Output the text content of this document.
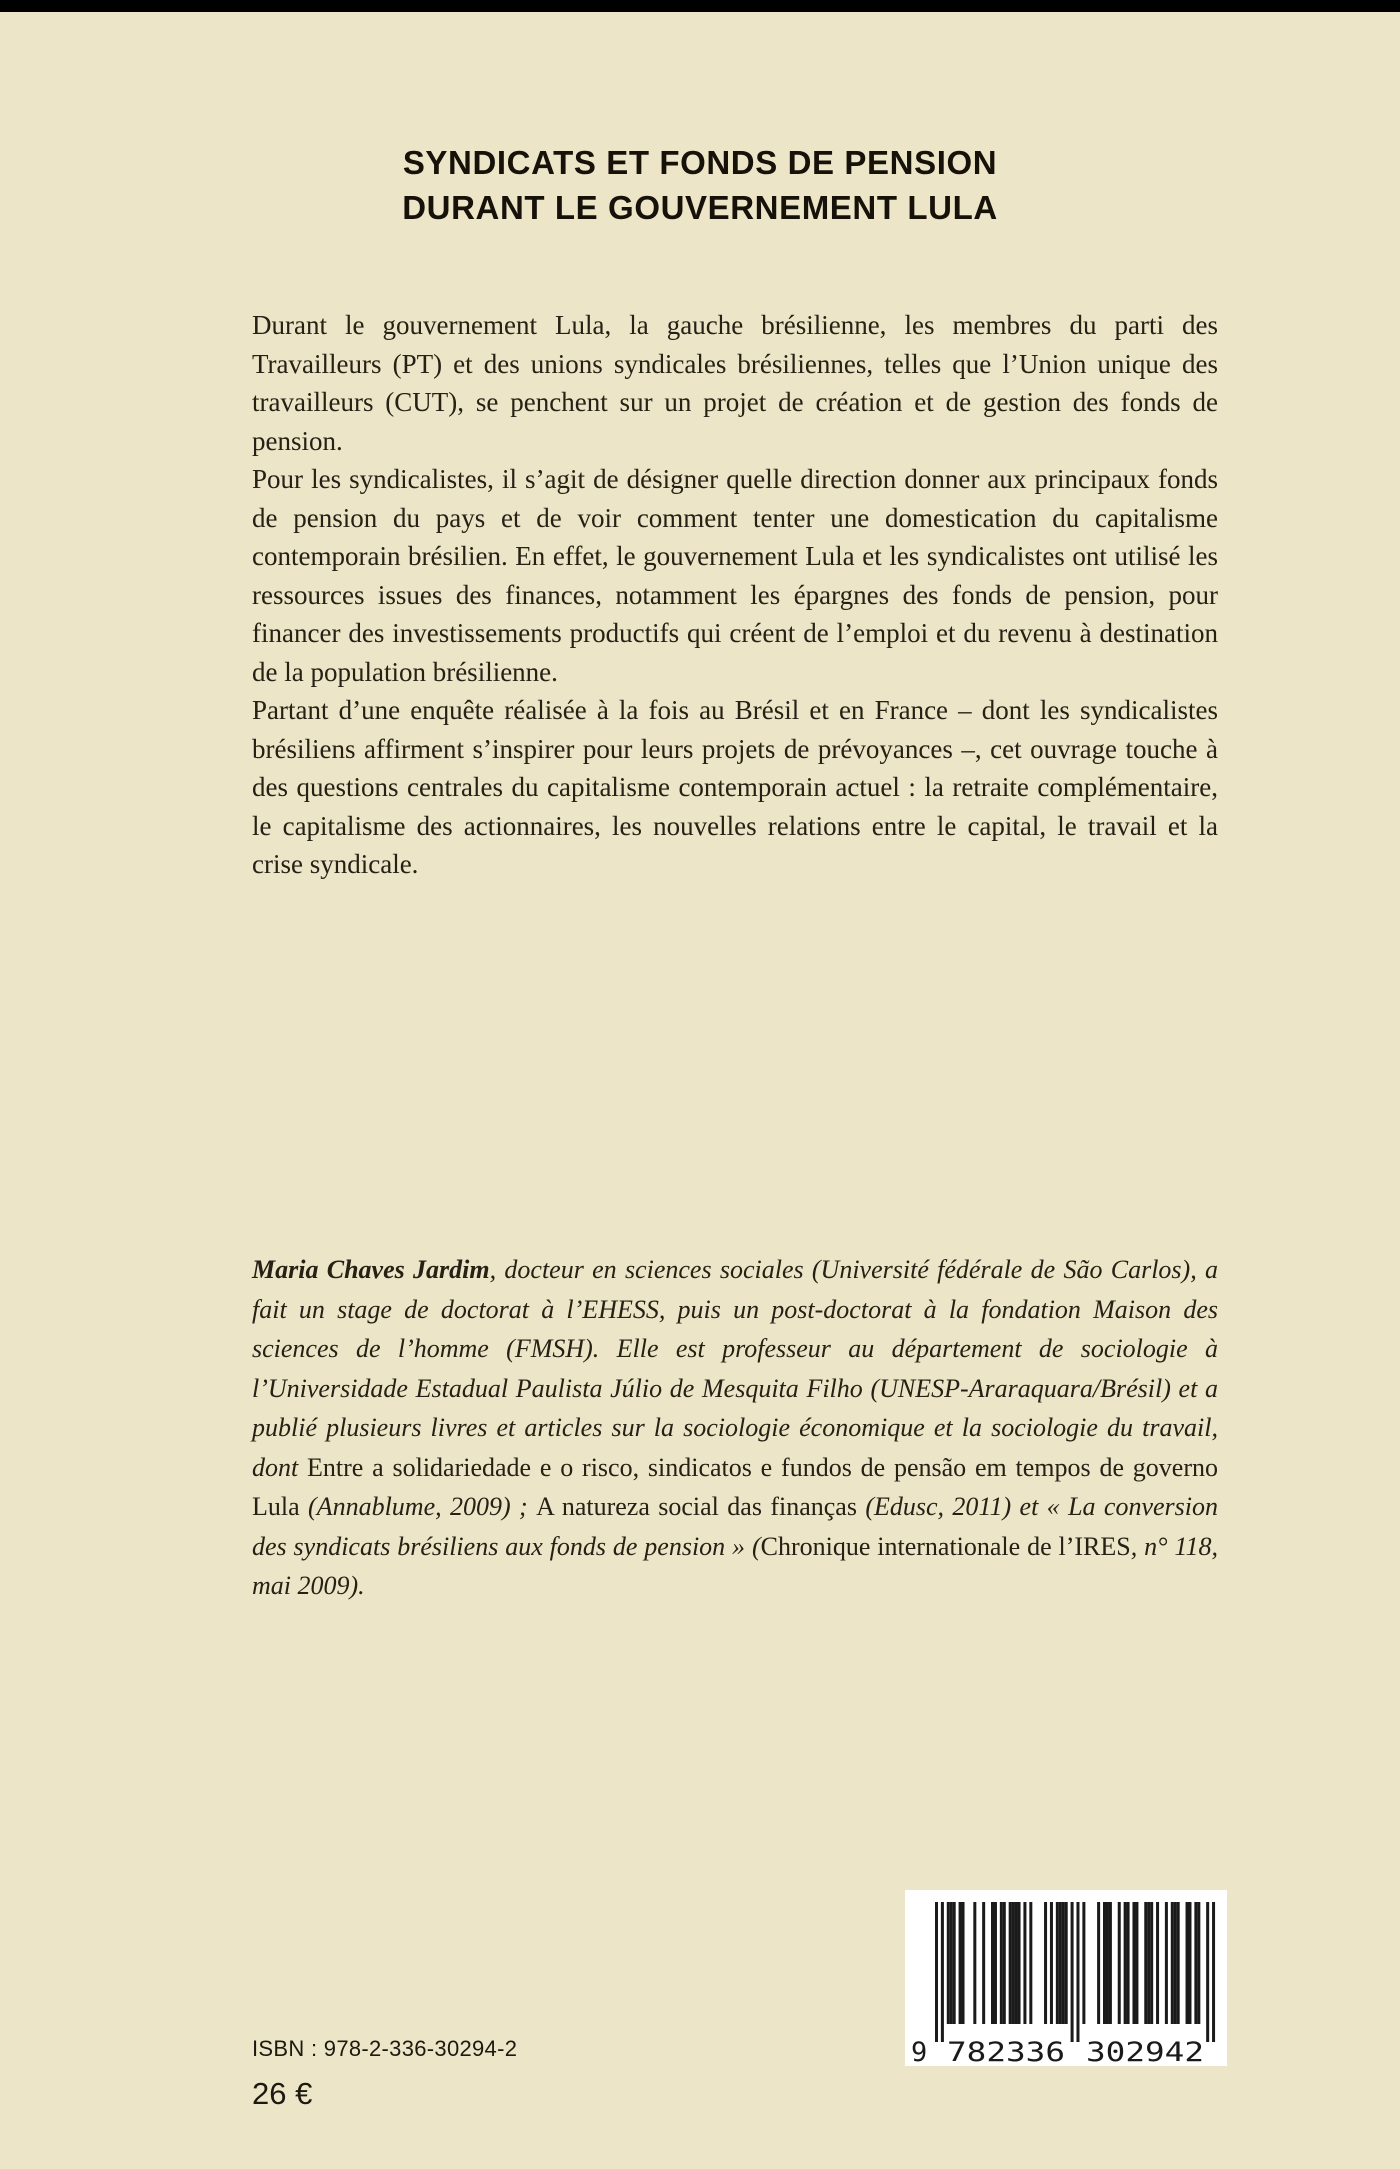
SYNDICATS ET FONDS DE PENSION
DURANT LE GOUVERNEMENT LULA

Durant le gouvernement Lula, la gauche brésilienne, les membres du parti des Travailleurs (PT) et des unions syndicales brésiliennes, telles que l’Union unique des travailleurs (CUT), se penchent sur un projet de création et de gestion des fonds de pension.

Pour les syndicalistes, il s’agit de désigner quelle direction donner aux principaux fonds de pension du pays et de voir comment tenter une domestication du capitalisme contemporain brésilien. En effet, le gouvernement Lula et les syndicalistes ont utilisé les ressources issues des finances, notamment les épargnes des fonds de pension, pour financer des investissements productifs qui créent de l’emploi et du revenu à destination de la population brésilienne.

Partant d’une enquête réalisée à la fois au Brésil et en France – dont les syndicalistes brésiliens affirment s’inspirer pour leurs projets de prévoyances –, cet ouvrage touche à des questions centrales du capitalisme contemporain actuel : la retraite complémentaire, le capitalisme des actionnaires, les nouvelles relations entre le capital, le travail et la crise syndicale.

Maria Chaves Jardim, docteur en sciences sociales (Université fédérale de São Carlos), a fait un stage de doctorat à l’EHESS, puis un post-doctorat à la fondation Maison des sciences de l’homme (FMSH). Elle est professeur au département de sociologie à l’Universidade Estadual Paulista Júlio de Mesquita Filho (UNESP-Araraquara/Brésil) et a publié plusieurs livres et articles sur la sociologie économique et la sociologie du travail, dont Entre a solidariedade e o risco, sindicatos e fundos de pensão em tempos de governo Lula (Annablume, 2009) ; A natureza social das finanças (Edusc, 2011) et « La conversion des syndicats brésiliens aux fonds de pension » (Chronique internationale de l’IRES, n° 118, mai 2009).
ISBN : 978-2-336-30294-2
26 €
9 782336 302942
